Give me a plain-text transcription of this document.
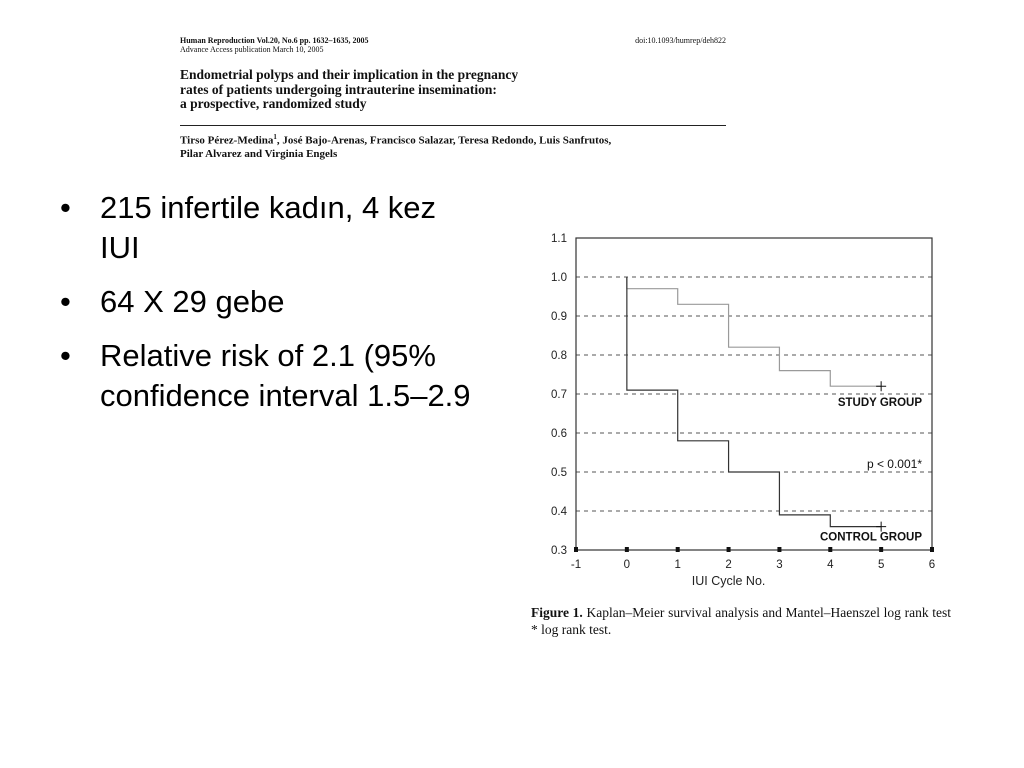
Human Reproduction Vol.20, No.6 pp. 1632–1635, 2005	doi:10.1093/humrep/deh822
Advance Access publication March 10, 2005
Endometrial polyps and their implication in the pregnancy
rates of patients undergoing intrauterine insemination:
a prospective, randomized study
Tirso Pérez-Medina$^1$, José Bajo-Arenas, Francisco Salazar, Teresa Redondo, Luis Sanfrutos,
Pilar Alvarez and Virginia Engels
• 215 infertile kadın, 4 kez IUI
• 64 X 29 gebe
• Relative risk of 2.1 (95% confidence interval 1.5–2.9
0.3
0.4
0.5
0.6
0.7
0.8
0.9
1.0
1.1
-1	0	1	2	3	4	5	6
STUDY GROUP
CONTROL GROUP
p < 0.001*
IUI Cycle No.
Figure 1. Kaplan–Meier survival analysis and Mantel–Haenszel log rank test * log rank test.
